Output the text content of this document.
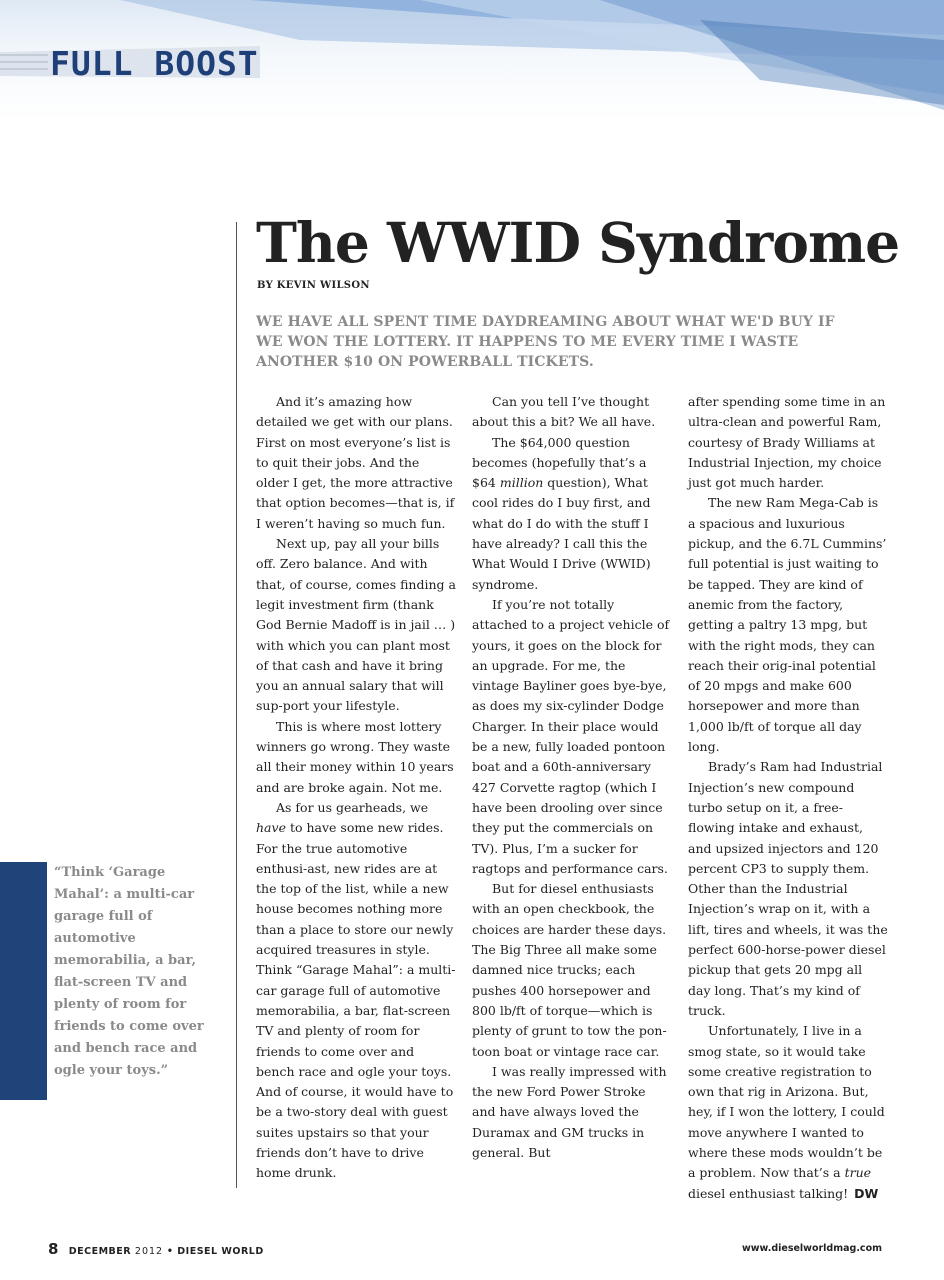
FULL BOOST
The WWID Syndrome
BY KEVIN WILSON

WE HAVE ALL SPENT TIME DAYDREAMING ABOUT WHAT WE'D BUY IF WE WON THE LOTTERY. IT HAPPENS TO ME EVERY TIME I WASTE ANOTHER $10 ON POWERBALL TICKETS.

And it’s amazing how detailed we get with our plans. First on most everyone’s list is to quit their jobs. And the older I get, the more attractive that option becomes—that is, if I weren’t having so much fun.

Next up, pay all your bills off. Zero balance. And with that, of course, comes finding a legit investment firm (thank God Bernie Madoff is in jail … ) with which you can plant most of that cash and have it bring you an annual salary that will sup-port your lifestyle.

This is where most lottery winners go wrong. They waste all their money within 10 years and are broke again. Not me.

As for us gearheads, we have to have some new rides. For the true automotive enthusi-ast, new rides are at the top of the list, while a new house becomes nothing more than a place to store our newly acquired treasures in style. Think “Garage Mahal”: a multi-car garage full of automotive memorabilia, a bar, flat-screen TV and plenty of room for friends to come over and bench race and ogle your toys. And of course, it would have to be a two-story deal with guest suites upstairs so that your friends don’t have to drive home drunk.

Can you tell I’ve thought about this a bit? We all have.

The $64,000 question becomes (hopefully that’s a $64 million question), What cool rides do I buy first, and what do I do with the stuff I have already? I call this the What Would I Drive (WWID) syndrome.

If you’re not totally attached to a project vehicle of yours, it goes on the block for an upgrade. For me, the vintage Bayliner goes bye-bye, as does my six-cylinder Dodge Charger. In their place would be a new, fully loaded pontoon boat and a 60th-anniversary 427 Corvette ragtop (which I have been drooling over since they put the commercials on TV). Plus, I’m a sucker for ragtops and performance cars.

But for diesel enthusiasts with an open checkbook, the choices are harder these days. The Big Three all make some damned nice trucks; each pushes 400 horsepower and 800 lb/ft of torque—which is plenty of grunt to tow the pon-toon boat or vintage race car.

I was really impressed with the new Ford Power Stroke and have always loved the Duramax and GM trucks in general. But

after spending some time in an ultra-clean and powerful Ram, courtesy of Brady Williams at Industrial Injection, my choice just got much harder.

The new Ram Mega-Cab is a spacious and luxurious pickup, and the 6.7L Cummins’ full potential is just waiting to be tapped. They are kind of anemic from the factory, getting a paltry 13 mpg, but with the right mods, they can reach their orig-inal potential of 20 mpgs and make 600 horsepower and more than 1,000 lb/ft of torque all day long.

Brady’s Ram had Industrial Injection’s new compound turbo setup on it, a free-flowing intake and exhaust, and upsized injectors and 120 percent CP3 to supply them. Other than the Industrial Injection’s wrap on it, with a lift, tires and wheels, it was the perfect 600-horse-power diesel pickup that gets 20 mpg all day long. That’s my kind of truck.

Unfortunately, I live in a smog state, so it would take some creative registration to own that rig in Arizona. But, hey, if I won the lottery, I could move anywhere I wanted to where these mods wouldn’t be a problem. Now that’s a true diesel enthusiast talking! DW

“Think ‘Garage Mahal’: a multi-car garage full of automotive memorabilia, a bar, flat-screen TV and plenty of room for friends to come over and bench race and ogle your toys.”

8 DECEMBER 2012 • DIESEL WORLD	www.dieselworldmag.com
